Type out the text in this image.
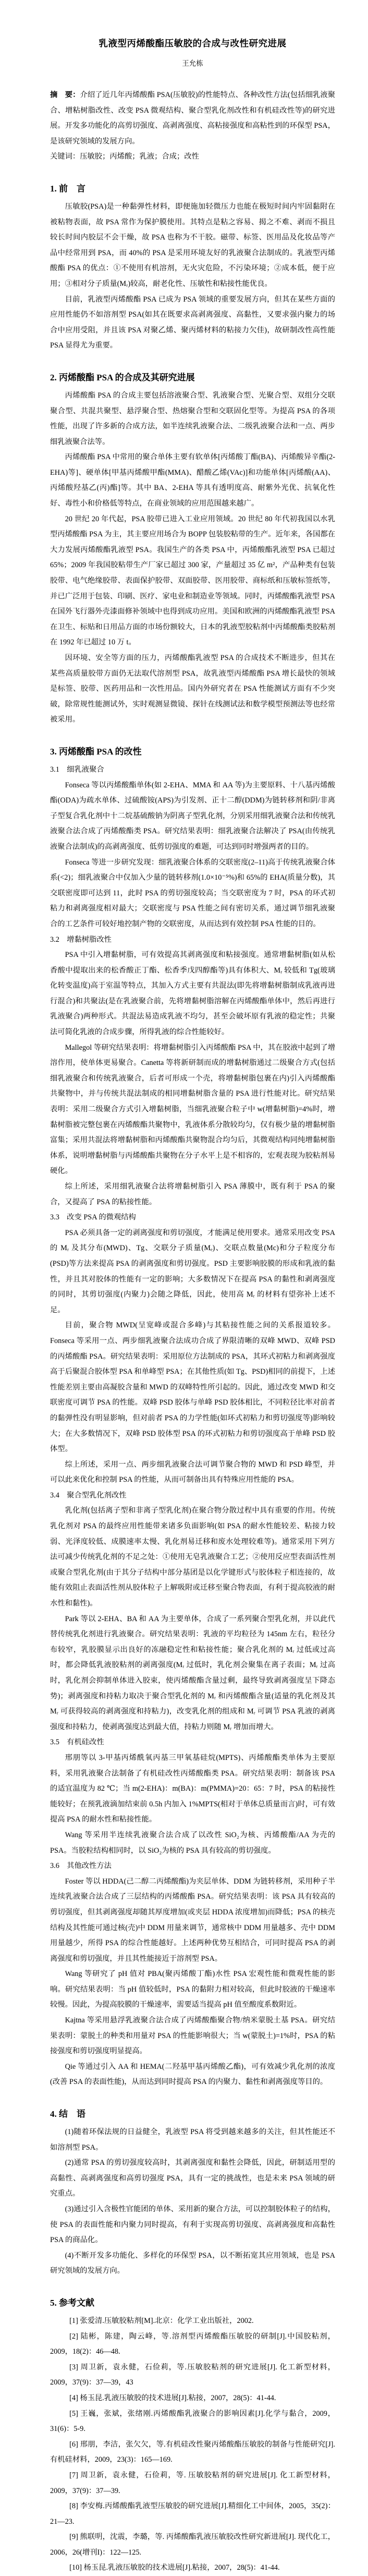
乳液型丙烯酸酯压敏胶的合成与改性研究进展
王允栋

摘　要：介绍了近几年丙烯酸酯 PSA(压敏胶)的性能特点、各种改性方法(包括细乳液聚合、增粘树脂改性、改变 PSA 微观结构、聚合型乳化剂改性和有机硅改性等)的研究进展。开发多功能化的高剪切强度、高剥离强度、高粘接强度和高粘性到的环保型 PSA，是该研究领域的发展方向。

关键词：压敏胶；丙烯酸；乳液；合成；改性

1. 前　言

压敏胶(PSA)是一种黏弹性材料，即便施加轻微压力也能在极短时间内牢固黏附在被粘物表面，故 PSA 常作为保护膜使用。其特点是粘之容易、揭之不难、剥而不损且较长时间内胶层不会干燥，故 PSA 也称为不干胶。磁带、标签、医用品及化妆品等产品中经常用到 PSA，而 40%的 PSA 是采用环境友好的乳液聚合法制成的。乳液型丙烯酸酯 PSA 的优点：①不使用有机溶剂，无火灾危险，不污染环境；②成本低，便于应用；③相对分子质量(Mᵣ)较高，耐老化性、压敏性和粘接性能优良。

目前，乳液型丙烯酸酯 PSA 已成为 PSA 领域的重要发展方向，但其在某些方面的应用性能仍不如溶剂型 PSA(如其在既要求高剥离强度、高黏性，又要求强内聚力的场合中应用受阻，并且该 PSA 对聚乙烯、聚丙烯材料的粘接力欠佳)，故研制改性高性能 PSA 显得尤为重要。

2. 丙烯酸酯 PSA 的合成及其研究进展

丙烯酸酯 PSA 的合成主要包括溶液聚合型、乳液聚合型、光聚合型、双组分交联聚合型、共混共聚型、悬浮聚合型、热熔聚合型和交联固化型等。为提高 PSA 的各项性能，出现了许多新的合成方法，如半连续乳液聚合法、二级乳液聚合法和一点、两步细乳液聚合法等。

丙烯酸酯 PSA 中常用的聚合单体主要有软单体[丙烯酸丁酯(BA)、丙烯酸异辛酯(2-EHA)等]、硬单体[甲基丙烯酸甲酯(MMA)、醋酸乙烯(VAc)]和功能单体[丙烯酸(AA)、丙烯酸羟基乙(丙)酯]等。其中 BA、2-EHA 等具有透明度高、耐紫外光优、抗氧化性好、毒性小和价格低等特点，在商业领域的应用范围越来越广。

20 世纪 20 年代起，PSA 胶带已进入工业应用领域。20 世纪 80 年代初我国以水乳型丙烯酸酯 PSA 为主，其主要应用场合为 BOPP 包装胶粘带的生产。近年来，各国都在大力发展丙烯酸酯乳液型 PSA。我国生产的各类 PSA 中，丙烯酸酯乳液型 PSA 已超过 65%；2009 年我国胶粘带生产厂家已超过 300 家，产量超过 35 亿 m²，产品种类有包装胶带、电气绝缘胶带、表面保护胶带、双面胶带、医用胶带、商标纸和压敏标签纸等，并已广泛用于包装、印刷、医疗、家电业和制造业等领域。同时，丙烯酸酯乳液型 PSA 在国外飞行器外壳漆面修补领域中也得到成功应用。美国和欧洲的丙烯酸酯乳液型 PSA 在卫生、标贴和日用品方面的市场份额较大，日本的乳液型胶粘剂中丙烯酸酯类胶粘剂在 1992 年已超过 10 万 t。

因环境、安全等方面的压力，丙烯酸酯乳液型 PSA 的合成技术不断进步，但其在某些高质量胶带方面仍无法取代溶剂型 PSA，故乳液型丙烯酸酯 PSA 增长最快的领域是标签、胶带、医药用品和一次性用品。国内外研究者在 PSA 性能测试方面有不少突破，除常规性能测试外，实时观测显微镜、探针在线测试法和数学模型预测法等也经常被采用。

3. 丙烯酸酯 PSA 的改性
3.1　细乳液聚合

Fonseca 等以丙烯酸酯单体(如 2-EHA、MMA 和 AA 等)为主要原料、十八基丙烯酸酯(ODA)为疏水单体、过硫酸铵(APS)为引发剂、正十二醇(DDM)为链转移剂和阴/非离子型复合乳化剂中十二烷基硫酸钠为阴离子型乳化剂，分别采用细乳液聚合法和传统乳液聚合法合成了丙烯酸酯类 PSA。研究结果表明：细乳液聚合法解决了 PSA(由传统乳液聚合法制成)的高剥离强度、低剪切强度的难题，可达到同时增强两者的目的。

Fonseca 等进一步研究发现：细乳液聚合体系的交联密度(2–11)高于传统乳液聚合体系(<2)；细乳液聚合中仅加入少量的链转移剂(1.0×10⁻⁵%)和 65%的 EHA(质量分数)，其交联密度即可达到 11，此时 PSA 的剪切强度较高；当交联密度为 7 时，PSA 的环式初粘力和剥离强度相对最大；交联密度与 PSA 性能之间有密切关系，通过调节细乳液聚合的工艺条件可较好地控制产物的交联密度，从而达到有效控制 PSA 性能的目的。

3.2　增黏树脂改性

PSA 中引入增黏树脂，可有效提高其剥离强度和粘接强度。通常增黏树脂(如从松香酸中提取出来的松香酸正丁酯、松香季戊四醇酯等)具有体积大、Mᵣ 较低和 Tg(玻璃化转变温度)高于室温等特点，其加入方式主要有共混法(即先将增黏树脂制成乳液再进行混合)和共聚法(是在乳液聚合前，先将增黏树脂溶解在丙烯酸酯单体中，然后再进行乳液聚合)两种形式。共混法易造成乳液不均匀，甚至会破坏原有乳液的稳定性；共聚法可简化乳液的合成步骤，所得乳液的综合性能较好。

Mallegol 等研究结果表明：将增黏树脂引入丙烯酸酯 PSA 中，其在胶液中起到了增溶作用，使单体更易聚合。Canetta 等将新研制而成的增黏树脂通过二级聚合方式(包括细乳液聚合和传统乳液聚合，后者可形成一个壳，将增黏树脂包裹在内)引入丙烯酸酯共聚物中，并与传统共混法制成的相同增黏树脂含量的 PSA 进行性能对比。研究结果表明：采用二级聚合方式引入增黏树脂，当细乳液聚合粒子中 w(增黏树脂)=4%时，增黏树脂被完整包裹在丙烯酸酯共聚物中，乳液体系分散较均匀，仅有极少量的增黏树脂富集；采用共混法将增黏树脂和丙烯酸酯共聚物混合均匀后，其微观结构同纯增黏树脂体系，说明增黏树脂与丙烯酸酯共聚物在分子水平上是不相容的，宏观表现为胶粘剂易硬化。

综上所述，采用细乳液聚合法将增黏树脂引入 PSA 薄膜中，既有利于 PSA 的聚合，又提高了 PSA 的粘接性能。

3.3　改变 PSA 的微观结构

PSA 必须具备一定的剥离强度和剪切强度，才能满足使用要求。通常采用改变 PSA 的 Mᵣ 及其分布(MWD)、Tg、交联分子质量(Mₑ)、交联点数量(Mc)和分子粒度分布(PSD)等方法来提高 PSA 的剥离强度和剪切强度。PSD 主要影响胶膜的形成和乳液的黏性，并且其对胶体的性能有一定的影响；大多数情况下在提高 PSA 的黏性和剥离强度的同时，其剪切强度(内聚力)会随之降低，因此，使用高 Mᵣ 的材料有望弥补上述不足。

目前，聚合物 MWD(呈宽峰或混合多峰)与其粘接性能之间的关系报道较多。Fonseca 等采用一点、两步细乳液聚合法成功合成了界限清晰的双峰 MWD、双峰 PSD 的丙烯酸酯 PSA。研究结果表明：采用原位方法制成的 PSA，其环式初粘力和剥离强度高于后聚混合胶体型 PSA 和单峰型 PSA；在其他性质(如 Tg、PSD)相同的前提下，上述性能差别主要由高凝胶含量和 MWD 的双峰特性所引起的。因此，通过改变 MWD 和交联密度可调节 PSA 的性能。双峰 PSD 胶体与单峰 PSD 胶体相比，不同粒径比率对前者的黏弹性没有明显影响，但对前者 PSA 的力学性能(如环式初粘力和剪切强度等)影响较大；在大多数情况下，双峰 PSD 胶体型 PSA 的环式初粘力和剪切强度高于单峰 PSD 胶体型。

综上所述，采用一点、两步细乳液聚合法可调节聚合物的 MWD 和 PSD 峰型，并可以此来优化和控制 PSA 的性能，从而可制备出具有特殊应用性能的 PSA。

3.4　聚合型乳化剂改性

乳化剂(包括离子型和非离子型乳化剂)在聚合物分散过程中具有重要的作用。传统乳化剂对 PSA 的最终应用性能带来诸多负面影响(如 PSA 的耐水性能较差、粘接力较弱、光泽度较低、成膜速率太慢、乳化剂易迁移和废水处理较难等)。通常采用下列方法可减少传统乳化剂的不足之处：①使用无皂乳液聚合工艺；②使用反应型表面活性剂或聚合型乳化剂(由于其分子结构中部分基团是以化学键形式与胶体粒子相连接的，故能有效阻止表面活性剂从胶体粒子上解吸附或迁移至聚合物表面，有利于提高胶液的耐水性和黏性)。

Park 等以 2-EHA、BA 和 AA 为主要单体，合成了一系列聚合型乳化剂，并以此代替传统乳化剂进行乳液聚合。研究结果表明：乳液的平均粒径为 145nm 左右，粒径分布较窄，乳胶膜显示出良好的冻融稳定性和粘接性能；聚合乳化剂的 Mᵣ 过低或过高时，都会降低乳液胶粘剂的剥离强度(Mᵣ 过低时，乳化剂会聚集在离子表面；Mᵣ 过高时，乳化剂会抑制单体进入胶束，使丙烯酸酯含量过剩，最终导致剥离强度呈下降态势)；剥离强度和持粘力取决于聚合型乳化剂的 Mᵣ 和丙烯酸酯含量(适量的乳化剂及其 Mᵣ 可获得较高的剥离强度和持粘力)，改变乳化剂的组成和 Mᵣ 可调节 PSA 乳液的剥离强度和持粘力，使剥离强度达到最大值，持粘力则随 Mᵣ 增加而增大。

3.5　有机硅改性

邢朋等以 3-甲基丙烯酰氧丙基三甲氧基硅烷(MPTS)、丙烯酸酯类单体为主要原料，采用乳液聚合法制备了有机硅改性丙烯酸酯类 PSA。研究结果表明：制备该 PSA 的适宜温度为 82 ℃；当 m(2-EHA)：m(BA)：m(PMMA)=20：65：7 时，PSA 的粘接性能较好；在预乳液滴加结束前 0.5h 内加入 1%MPTS(相对于单体总质量而言)时，可有效提高 PSA 的耐水性和粘接性能。

Wang 等采用半连续乳液聚合法合成了以改性 SiO₂为核、丙烯酸酯/AA 为壳的 PSA。当胶粒结构相同时，以 SiO₂为核的 PSA 具有较高的剪切强度。

3.6　其他改性方法

Foster 等以 HDDA(己二醇二丙烯酸酯)为夹层单体、DDM 为链转移剂，采用种子半连续乳液聚合法合成了三层结构的丙烯酸酯 PSA。研究结果表明：该 PSA 具有较高的剪切强度，但其剥离强度却随其厚度增加(或夹层 HDDA 浓度增加)而降低；PSA 的核壳结构及其性能可通过核(壳)中 DDM 用量来调节，通常核中 DDM 用量越多、壳中 DDM 用量越少，所得 PSA 的综合性能越好。上述两种优势互相结合，可同时提高 PSA 的剥离强度和剪切强度，并且其性能接近于溶剂型 PSA。

Wang 等研究了 pH 值对 PBA(聚丙烯酸丁酯)水性 PSA 宏观性能和微观性能的影响。研究结果表明：当 pH 值较低时，PSA 的黏附力相对较高，但此时胶液的干燥速率较慢。因此，为提高胶膜的干燥速率，需要适当提高 pH 值至酸度系数附近。

Kajtna 等采用悬浮乳液聚合法合成了丙烯酸酯聚合物/纳米蒙脱土基 PSA。研究结果表明：蒙脱土的种类和用量对 PSA 的性能影响很大；当 w(蒙脱土)=1%时，PSA 的粘接强度和剪切强度明显提高。

Qie 等通过引入 AA 和 HEMA(二羟基甲基丙烯酸乙酯)，可有效减少乳化剂的浓度(改善 PSA 的表面性能)，从而达到同时提高 PSA 的内聚力、黏性和剥离强度等目的。

4. 结　语

(1)随着环保法规的日益健全，乳液型 PSA 将受到越来越多的关注，但其性能还不如溶剂型 PSA。

(2)通常 PSA 的剪切强度较高时，其剥离强度和黏性会降低，因此，研制适用型的高黏性、高剥离强度和高剪切强度 PSA，具有一定的挑战性，也是未来 PSA 领域的研究重点。

(3)通过引入含极性官能团的单体、采用新的聚合方法，可以控制胶体粒子的结构，使 PSA 的表面性能和内聚力同时提高，有利于实现高剪切强度、高剥离强度和高黏性 PSA 的商品化。

(4)不断开发多功能化、多样化的环保型 PSA，以不断拓宽其应用领域，也是 PSA 研究领域的发展方向。

5. 参考文献

[1] 张爱清.压敏胶粘剂[M].北京：化学工业出版社，2002.

[2] 陆彬，陈建，陶云峰，等.溶剂型丙烯酸酯压敏胶的研制[J].中国胶粘剂，2009，18(2)：46—48.

[3] 周卫新，袁永健，石俭莉，等.压敏胶粘剂的研究进展[J]. 化工新型材料，2009，37(9)：37—39，43

[4] 杨玉昆.乳液压敏胶的技术进展[J].粘接，2007，28(5)：41-44.

[5] 王巍，张斌，张绪刚.丙烯酸酯乳液聚合的影响因素[J].化学与黏合，2009，31(6)：5-9.

[6] 邢朋，李洁，张欠欠，等.有机硅改性聚丙烯酸酯压敏胶的制备与性能研究[J]. 有机硅材料，2009，23(3)：165—169.

[7] 周卫新，袁永健，石俭莉，等. 压敏胶粘剂的研究进展[J]. 化工新型材料，2009，37(9)：37—39.

[8] 李安梅.丙烯酸酯乳液型压敏胶的研究进展[J].精细化工中间体，2005，35(2)：21—23.

[9] 熊联明，沈震，李璐，等. 丙烯酸酯乳液压敏胶改性研究新进展[J]. 现代化工，2006，26(增刊I)：122—125.

[10] 杨玉昆.乳液压敏胶的技术进展[J].粘接，2007，28(5)：41-44.
